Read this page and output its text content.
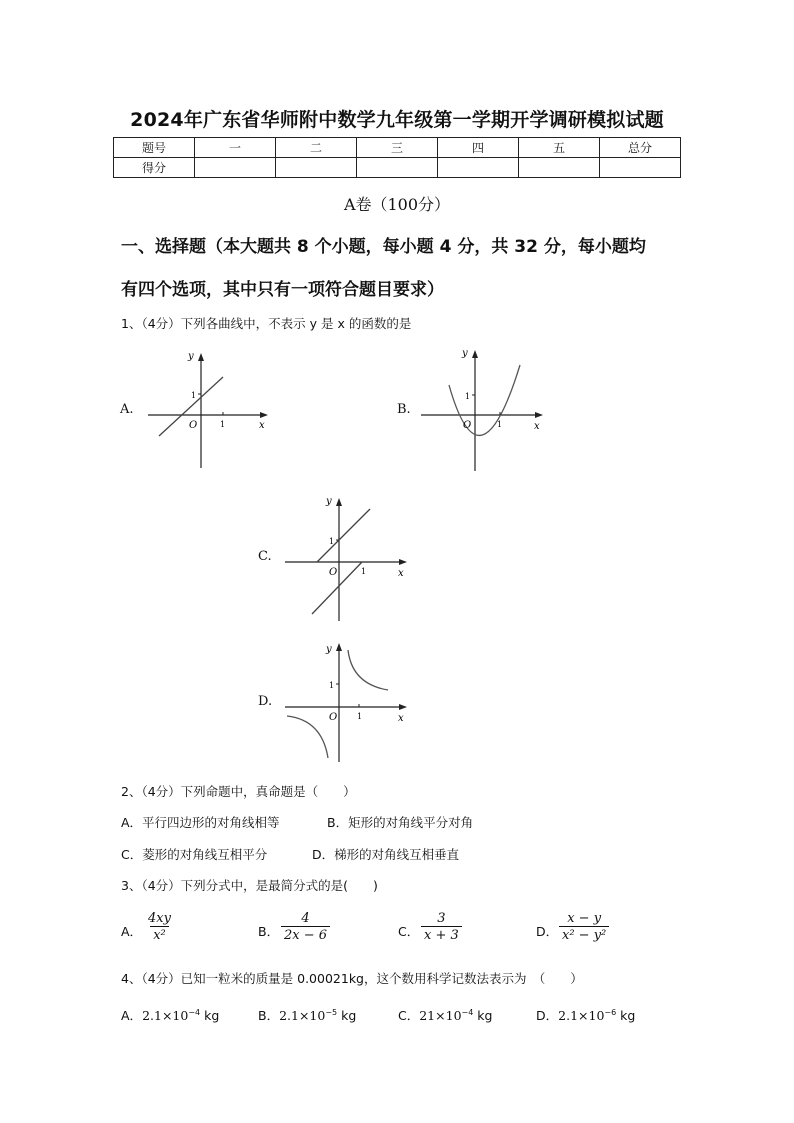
2024年广东省华师附中数学九年级第一学期开学调研模拟试题
题号	一	二	三	四	五	总分
得分						
A卷（100分）
一、选择题（本大题共 8 个小题，每小题 4 分，共 32 分，每小题均
有四个选项，其中只有一项符合题目要求）
1、（4分）下列各曲线中，不表示 y 是 x 的函数的是
A.
y
x
O
1
1
B.
y
x
O
1
1
C.
y
x
O
1
1
D.
y
x
O
1
1
2、（4分）下列命题中，真命题是（　　）
A．平行四边形的对角线相等	B．矩形的对角线平分对角
C．菱形的对角线互相平分	D．梯形的对角线互相垂直
3、（4分）下列分式中，是最简分式的是(　　)
A． $\frac{4xy}{\text{x²}}$	B． $\frac{4}{2x - 6}$	C． $\frac{3}{x + 3}$	D． $\frac{x - y}{\text{x² − y²}}$
4、（4分）已知一粒米的质量是 0.00021kg，这个数用科学记数法表示为　（　　）
A．$2.1\times 10^{-4}$ kg	B．$2.1\times 10^{-5}$ kg	C．$21\times 10^{-4}$ kg	D．$2.1\times 10^{-6}$ kg
